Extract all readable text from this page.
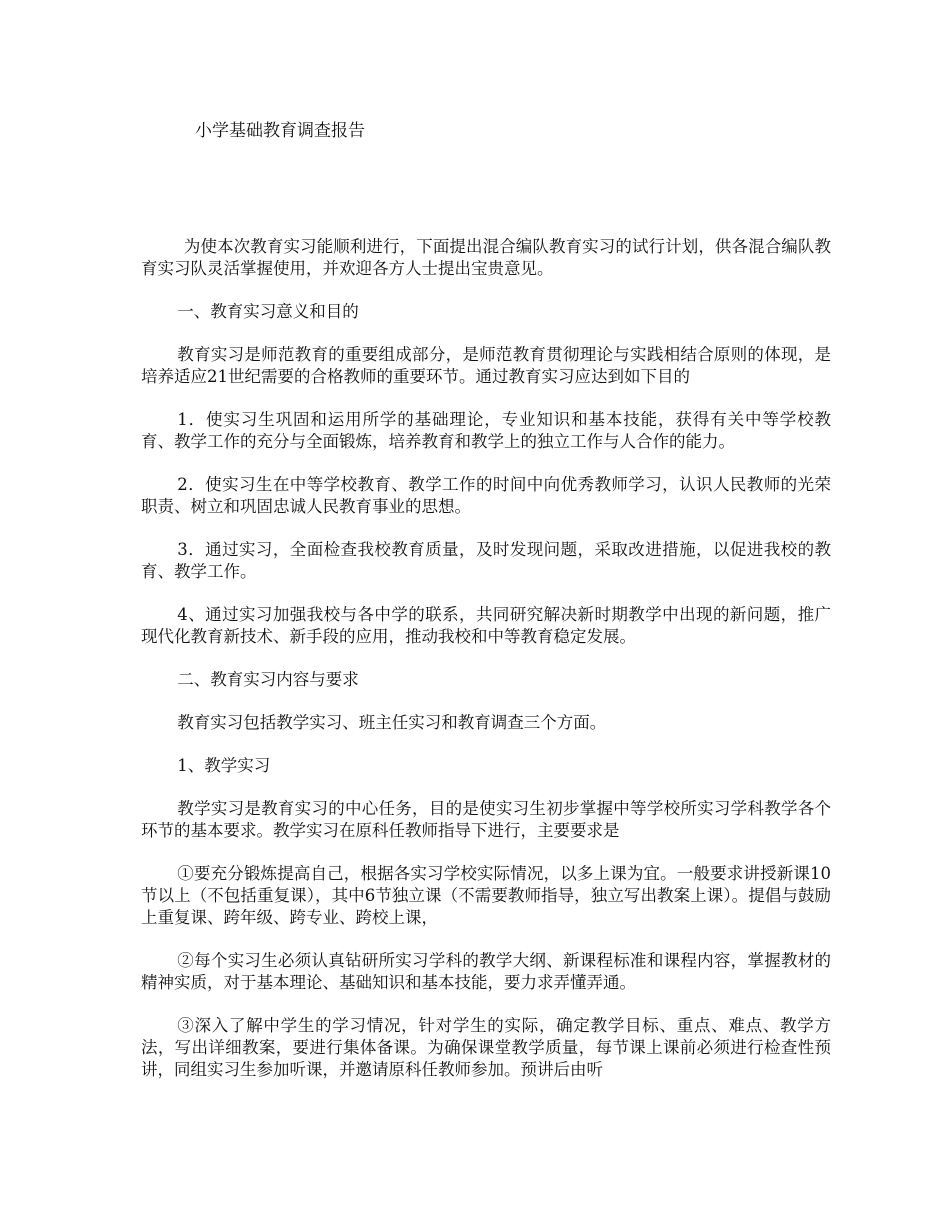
小学基础教育调查报告

为使本次教育实习能顺利进行，下面提出混合编队教育实习的试行计划，供各混合编队教育实习队灵活掌握使用，并欢迎各方人士提出宝贵意见。

一、教育实习意义和目的

教育实习是师范教育的重要组成部分，是师范教育贯彻理论与实践相结合原则的体现，是培养适应21世纪需要的合格教师的重要环节。通过教育实习应达到如下目的

1．使实习生巩固和运用所学的基础理论，专业知识和基本技能，获得有关中等学校教育、教学工作的充分与全面锻炼，培养教育和教学上的独立工作与人合作的能力。

2．使实习生在中等学校教育、教学工作的时间中向优秀教师学习，认识人民教师的光荣职责、树立和巩固忠诚人民教育事业的思想。

3．通过实习，全面检查我校教育质量，及时发现问题，采取改进措施，以促进我校的教育、教学工作。

4、通过实习加强我校与各中学的联系，共同研究解决新时期教学中出现的新问题，推广现代化教育新技术、新手段的应用，推动我校和中等教育稳定发展。

二、教育实习内容与要求

教育实习包括教学实习、班主任实习和教育调查三个方面。

1、教学实习

教学实习是教育实习的中心任务，目的是使实习生初步掌握中等学校所实习学科教学各个环节的基本要求。教学实习在原科任教师指导下进行，主要要求是

①要充分锻炼提高自己，根据各实习学校实际情况，以多上课为宜。一般要求讲授新课10节以上（不包括重复课），其中6节独立课（不需要教师指导，独立写出教案上课）。提倡与鼓励上重复课、跨年级、跨专业、跨校上课，

②每个实习生必须认真钻研所实习学科的教学大纲、新课程标准和课程内容，掌握教材的精神实质，对于基本理论、基础知识和基本技能，要力求弄懂弄通。

③深入了解中学生的学习情况，针对学生的实际，确定教学目标、重点、难点、教学方法，写出详细教案，要进行集体备课。为确保课堂教学质量，每节课上课前必须进行检查性预讲，同组实习生参加听课，并邀请原科任教师参加。预讲后由听
